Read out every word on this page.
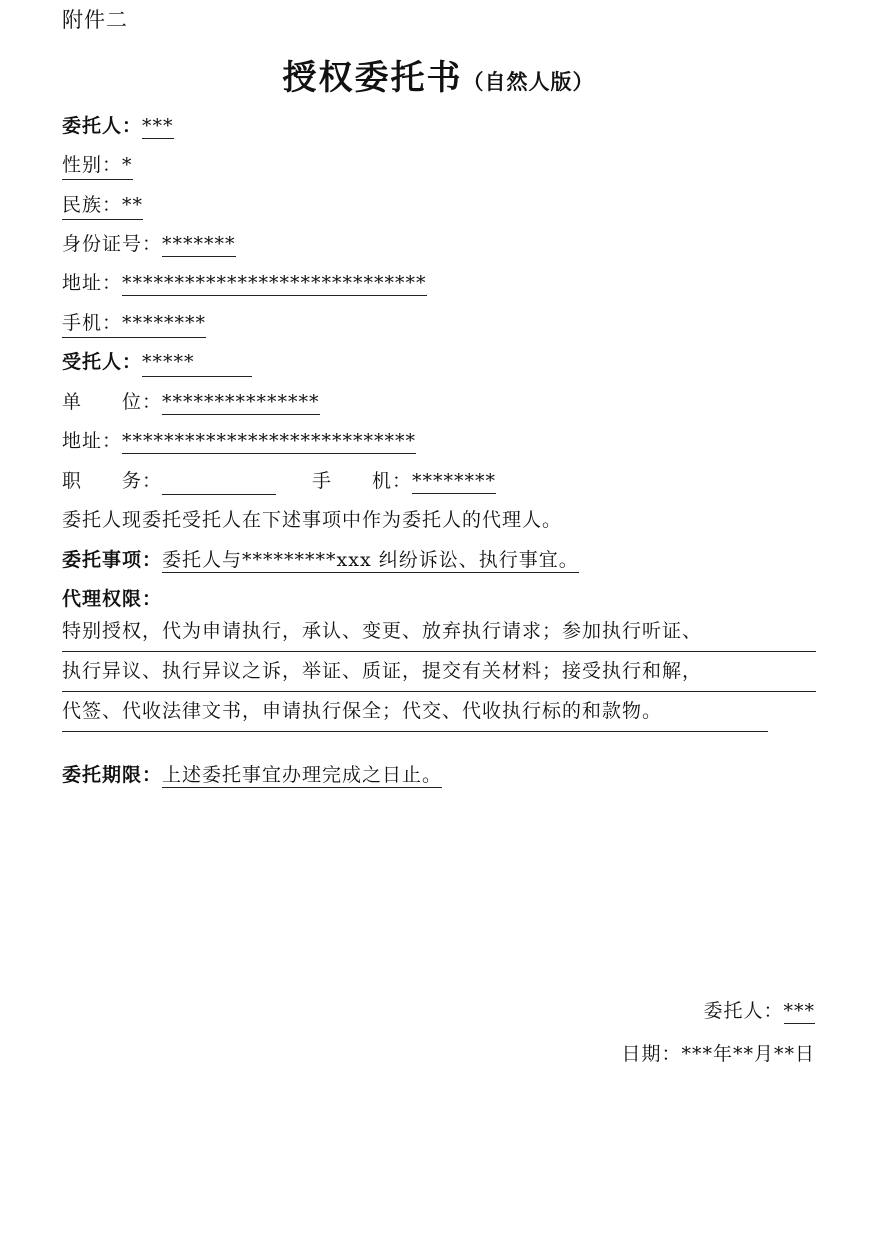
附件二
授权委托书（自然人版）
委托人：***
性别：*
民族：**
身份证号：*******
地址：*****************************
手机：********
受托人：*****
单　　位：***************
地址：****************************
职　　务：	手　　机：********
委托人现委托受托人在下述事项中作为委托人的代理人。
委托事项：委托人与*********xxx 纠纷诉讼、执行事宜。
代理权限：
特别授权，代为申请执行，承认、变更、放弃执行请求；参加执行听证、
执行异议、执行异议之诉，举证、质证，提交有关材料；接受执行和解，
代签、代收法律文书，申请执行保全；代交、代收执行标的和款物。
委托期限：上述委托事宜办理完成之日止。
委托人：***
日期：***年**月**日
